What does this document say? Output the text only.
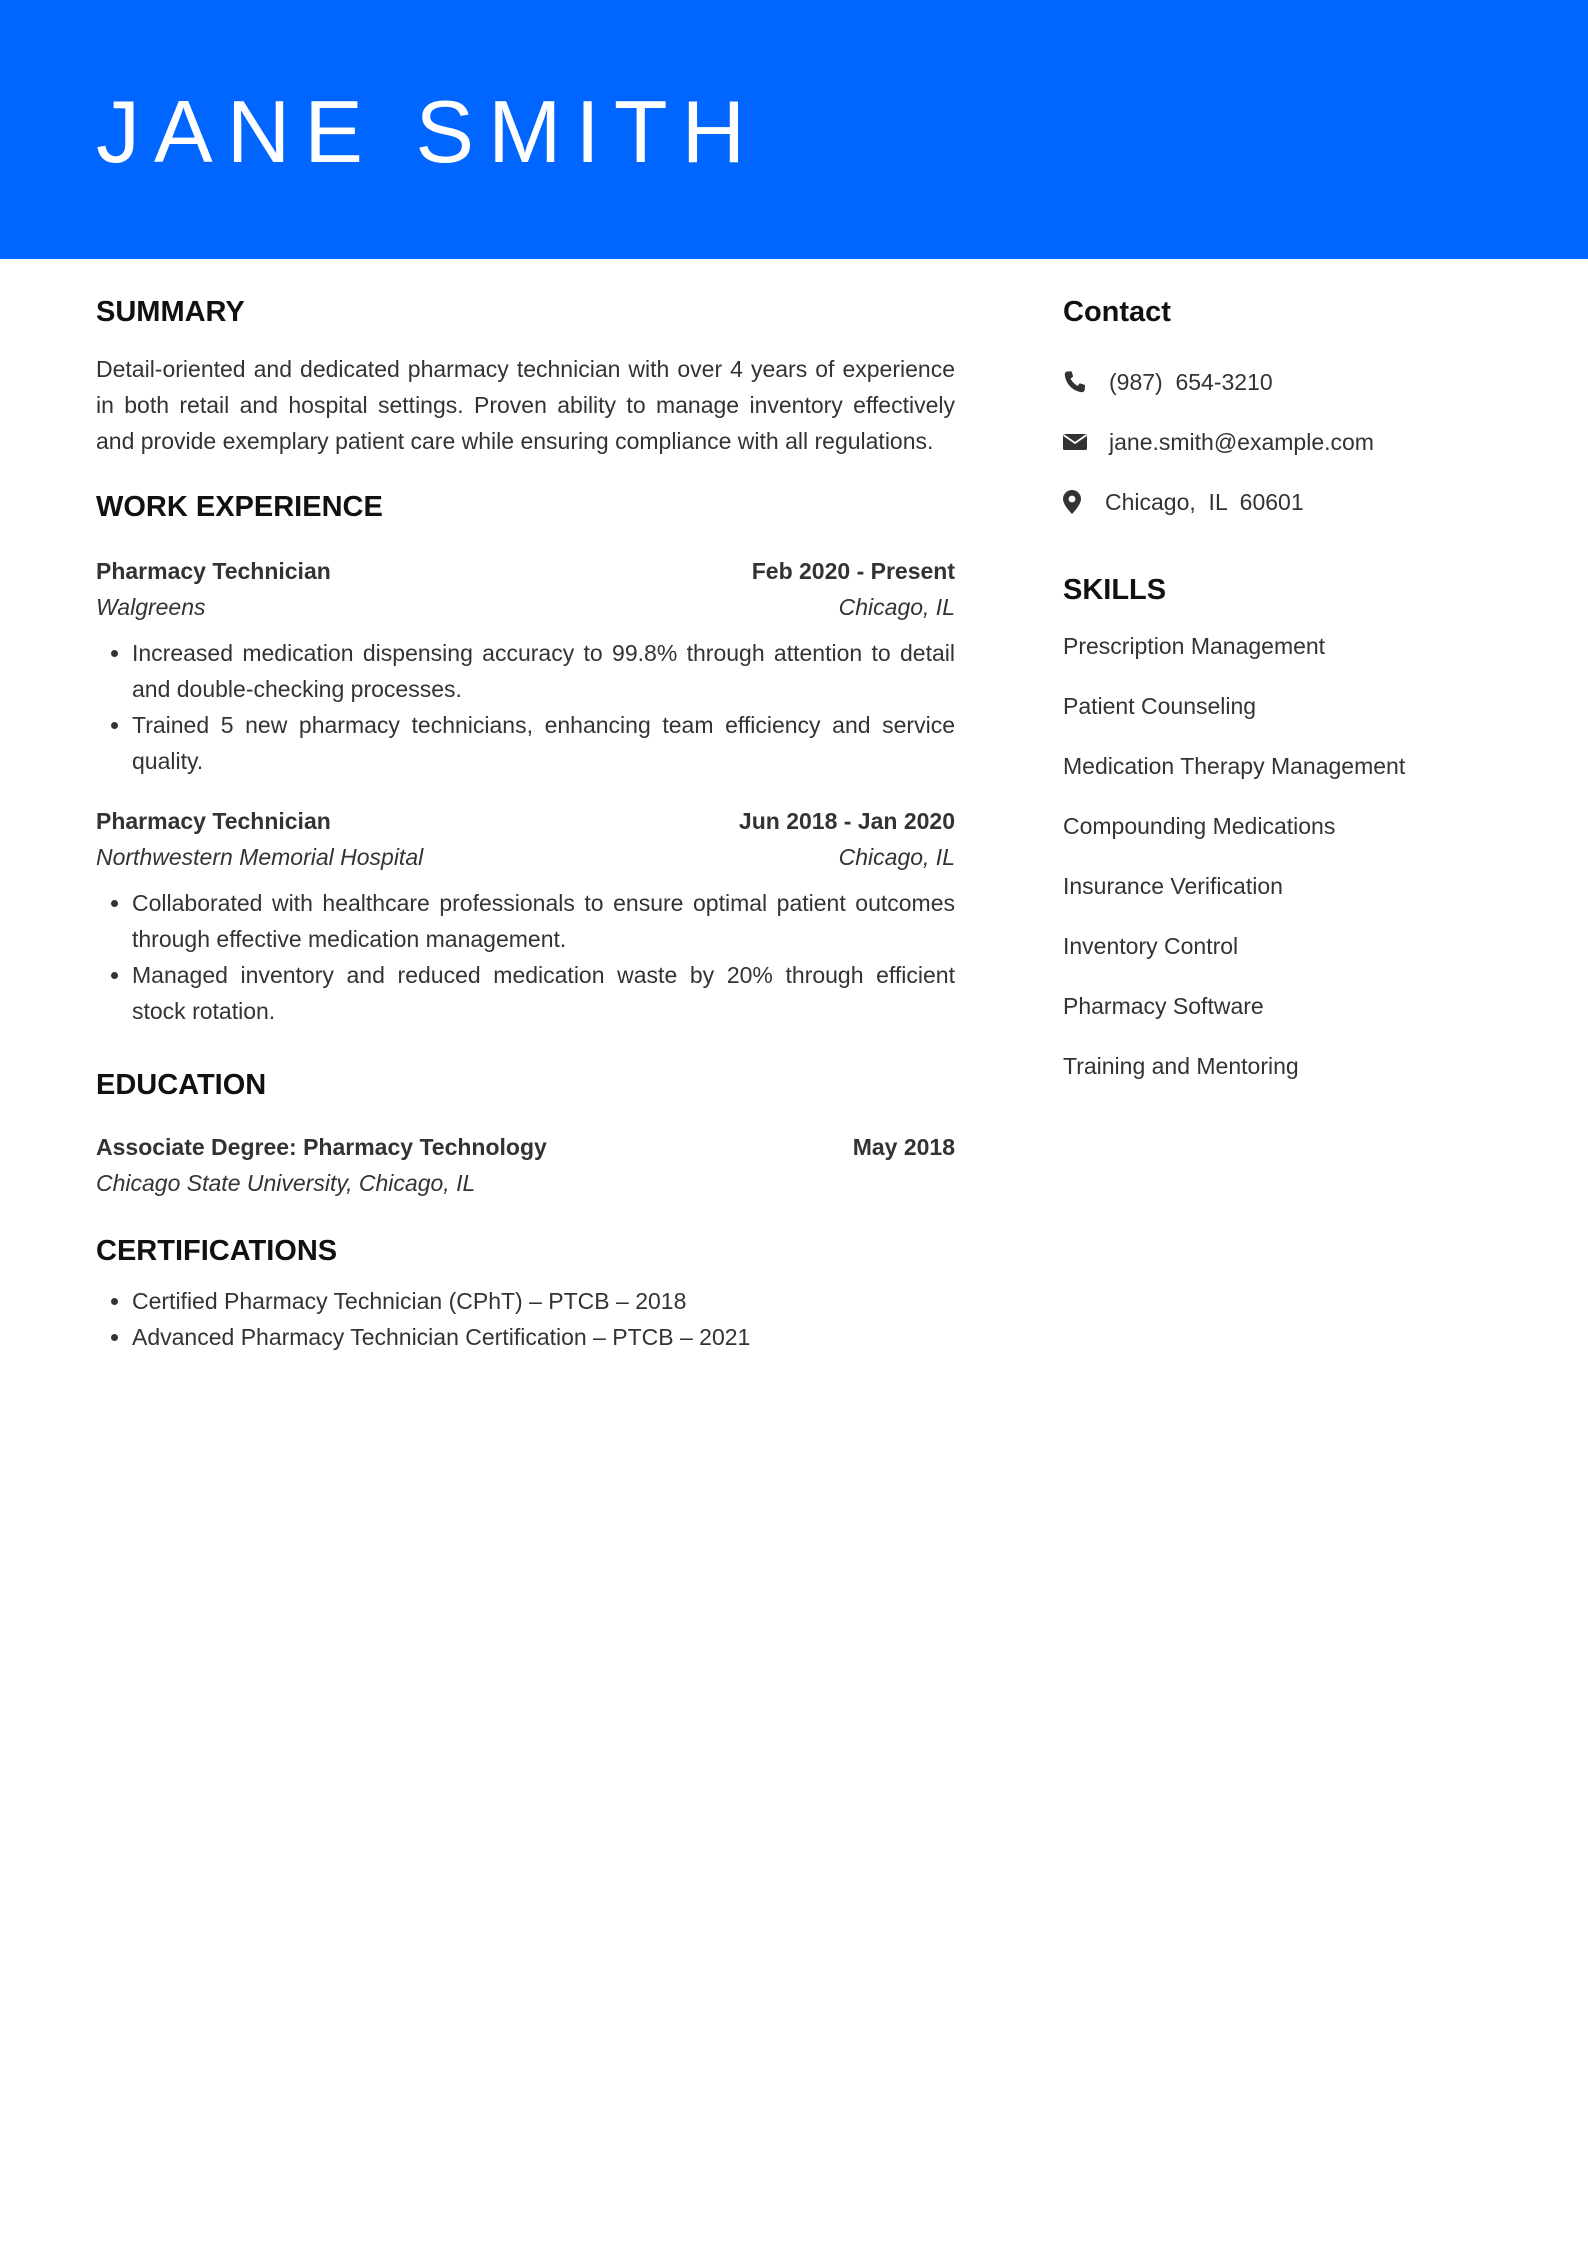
JANE SMITH
SUMMARY

Detail-oriented and dedicated pharmacy technician with over 4 years of experience in both retail and hospital settings. Proven ability to manage inventory effectively and provide exemplary patient care while ensuring compliance with all regulations.

WORK EXPERIENCE
Pharmacy Technician	Feb 2020 - Present
Walgreens	Chicago, IL
• Increased medication dispensing accuracy to 99.8% through attention to detail and double-checking processes.
• Trained 5 new pharmacy technicians, enhancing team efficiency and service quality.
Pharmacy Technician	Jun 2018 - Jan 2020
Northwestern Memorial Hospital	Chicago, IL
• Collaborated with healthcare professionals to ensure optimal patient outcomes through effective medication management.
• Managed inventory and reduced medication waste by 20% through efficient stock rotation.
EDUCATION
Associate Degree: Pharmacy Technology	May 2018
Chicago State University, Chicago, IL
CERTIFICATIONS
• Certified Pharmacy Technician (CPhT) – PTCB – 2018
• Advanced Pharmacy Technician Certification – PTCB – 2021
Contact
(987)  654-3210
jane.smith@example.com
Chicago,  IL  60601
SKILLS
Prescription Management
Patient Counseling
Medication Therapy Management
Compounding Medications
Insurance Verification
Inventory Control
Pharmacy Software
Training and Mentoring
